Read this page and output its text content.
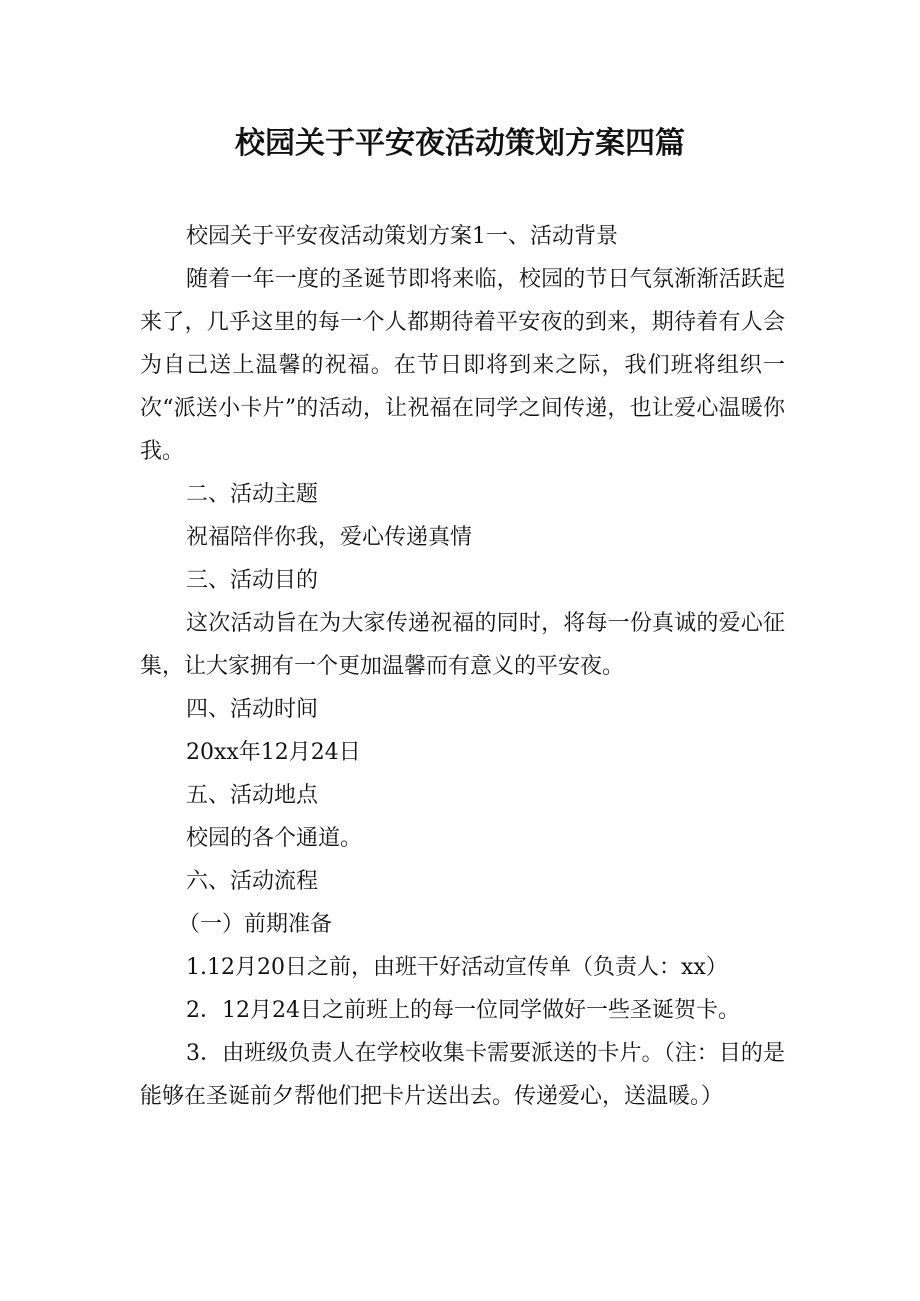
校园关于平安夜活动策划方案四篇

校园关于平安夜活动策划方案1一、活动背景

随着一年一度的圣诞节即将来临，校园的节日气氛渐渐活跃起来了，几乎这里的每一个人都期待着平安夜的到来，期待着有人会为自己送上温馨的祝福。在节日即将到来之际，我们班将组织一次“派送小卡片”的活动，让祝福在同学之间传递，也让爱心温暖你我。

二、活动主题

祝福陪伴你我，爱心传递真情

三、活动目的

这次活动旨在为大家传递祝福的同时，将每一份真诚的爱心征集，让大家拥有一个更加温馨而有意义的平安夜。

四、活动时间

20xx年12月24日

五、活动地点

校园的各个通道。

六、活动流程

（一）前期准备

1.12月20日之前，由班干好活动宣传单（负责人：xx）

2．12月24日之前班上的每一位同学做好一些圣诞贺卡。

3．由班级负责人在学校收集卡需要派送的卡片。（注：目的是能够在圣诞前夕帮他们把卡片送出去。传递爱心，送温暖。）
